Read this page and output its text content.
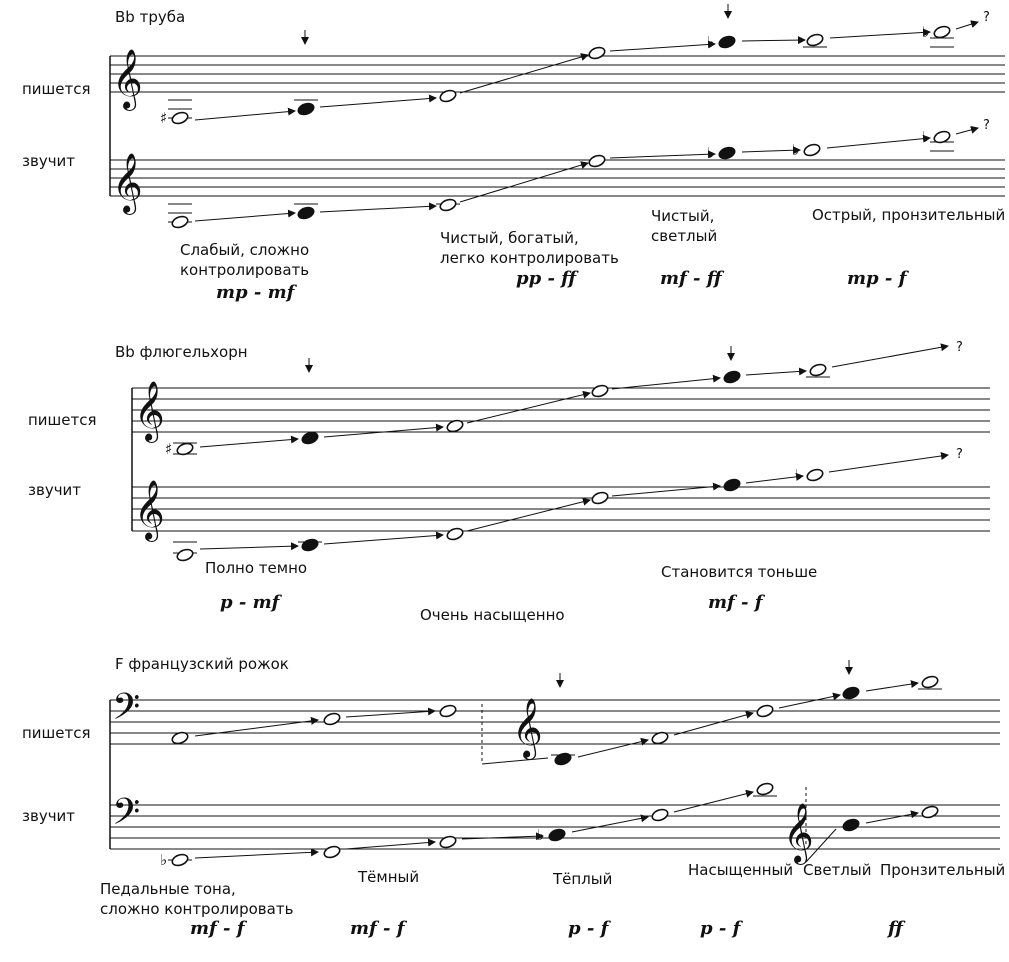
♯
♭
♭
♭	♭
♭
♯
♭
♭
♭
𝄞
𝄞
𝄞
𝄞
𝄢
𝄢
𝄞
𝄞
Bb труба
пишется
звучит
Слабый, сложно
контролировать
Чистый, богатый,
легко контролировать
Чистый,
светлый
Острый, пронзительный
mp - mf
pp - ff	mf - ff	mp - f
?
?
Bb флюгельхорн
пишется
звучит
Полно темно
Очень насыщенно
Становится тоньше
p - mf	mf - f
?
?
F французский рожок
пишется
звучит
Педальные тона,
сложно контролировать
Тёмный	Тёплый	Насыщенный Светлый Пронзительный
mf - f	mf - f	p - f	p - f	ff
